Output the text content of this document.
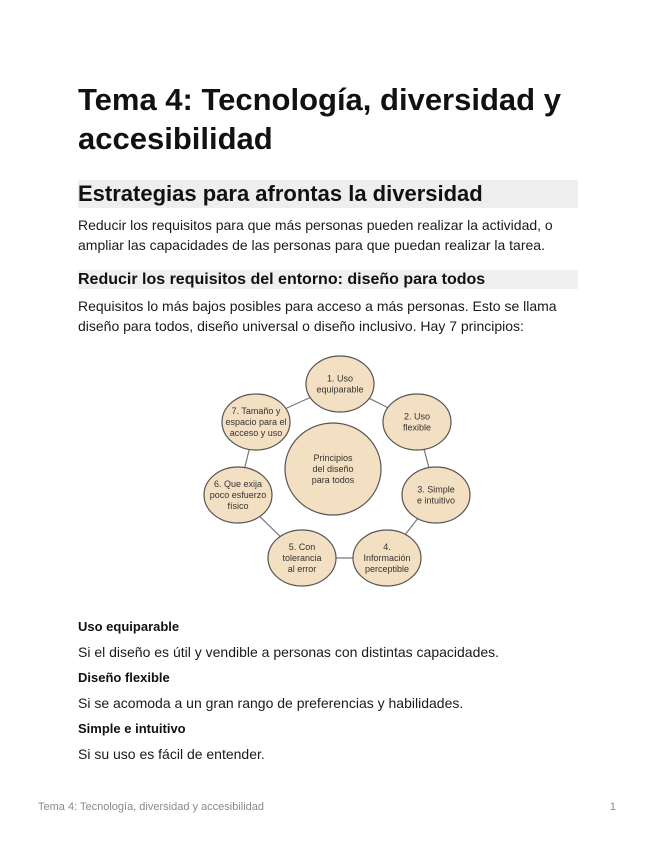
Tema 4: Tecnología, diversidad y accesibilidad
Estrategias para afrontas la diversidad

Reducir los requisitos para que más personas pueden realizar la actividad, o ampliar las capacidades de las personas para que puedan realizar la tarea.

Reducir los requisitos del entorno: diseño para todos

Requisitos lo más bajos posibles para acceso a más personas. Esto se llama diseño para todos, diseño universal o diseño inclusivo. Hay 7 principios:

Principios del diseño para todos
1. Uso equiparable
2. Uso flexible
3. Simple e intuitivo
4. Información perceptible
5. Con tolerancia al error
6. Que exija poco esfuerzo físico
7. Tamaño y espacio para el acceso y uso

Uso equiparable

Si el diseño es útil y vendible a personas con distintas capacidades.

Diseño flexible

Si se acomoda a un gran rango de preferencias y habilidades.

Simple e intuitivo

Si su uso es fácil de entender.

Tema 4: Tecnología, diversidad y accesibilidad	1
